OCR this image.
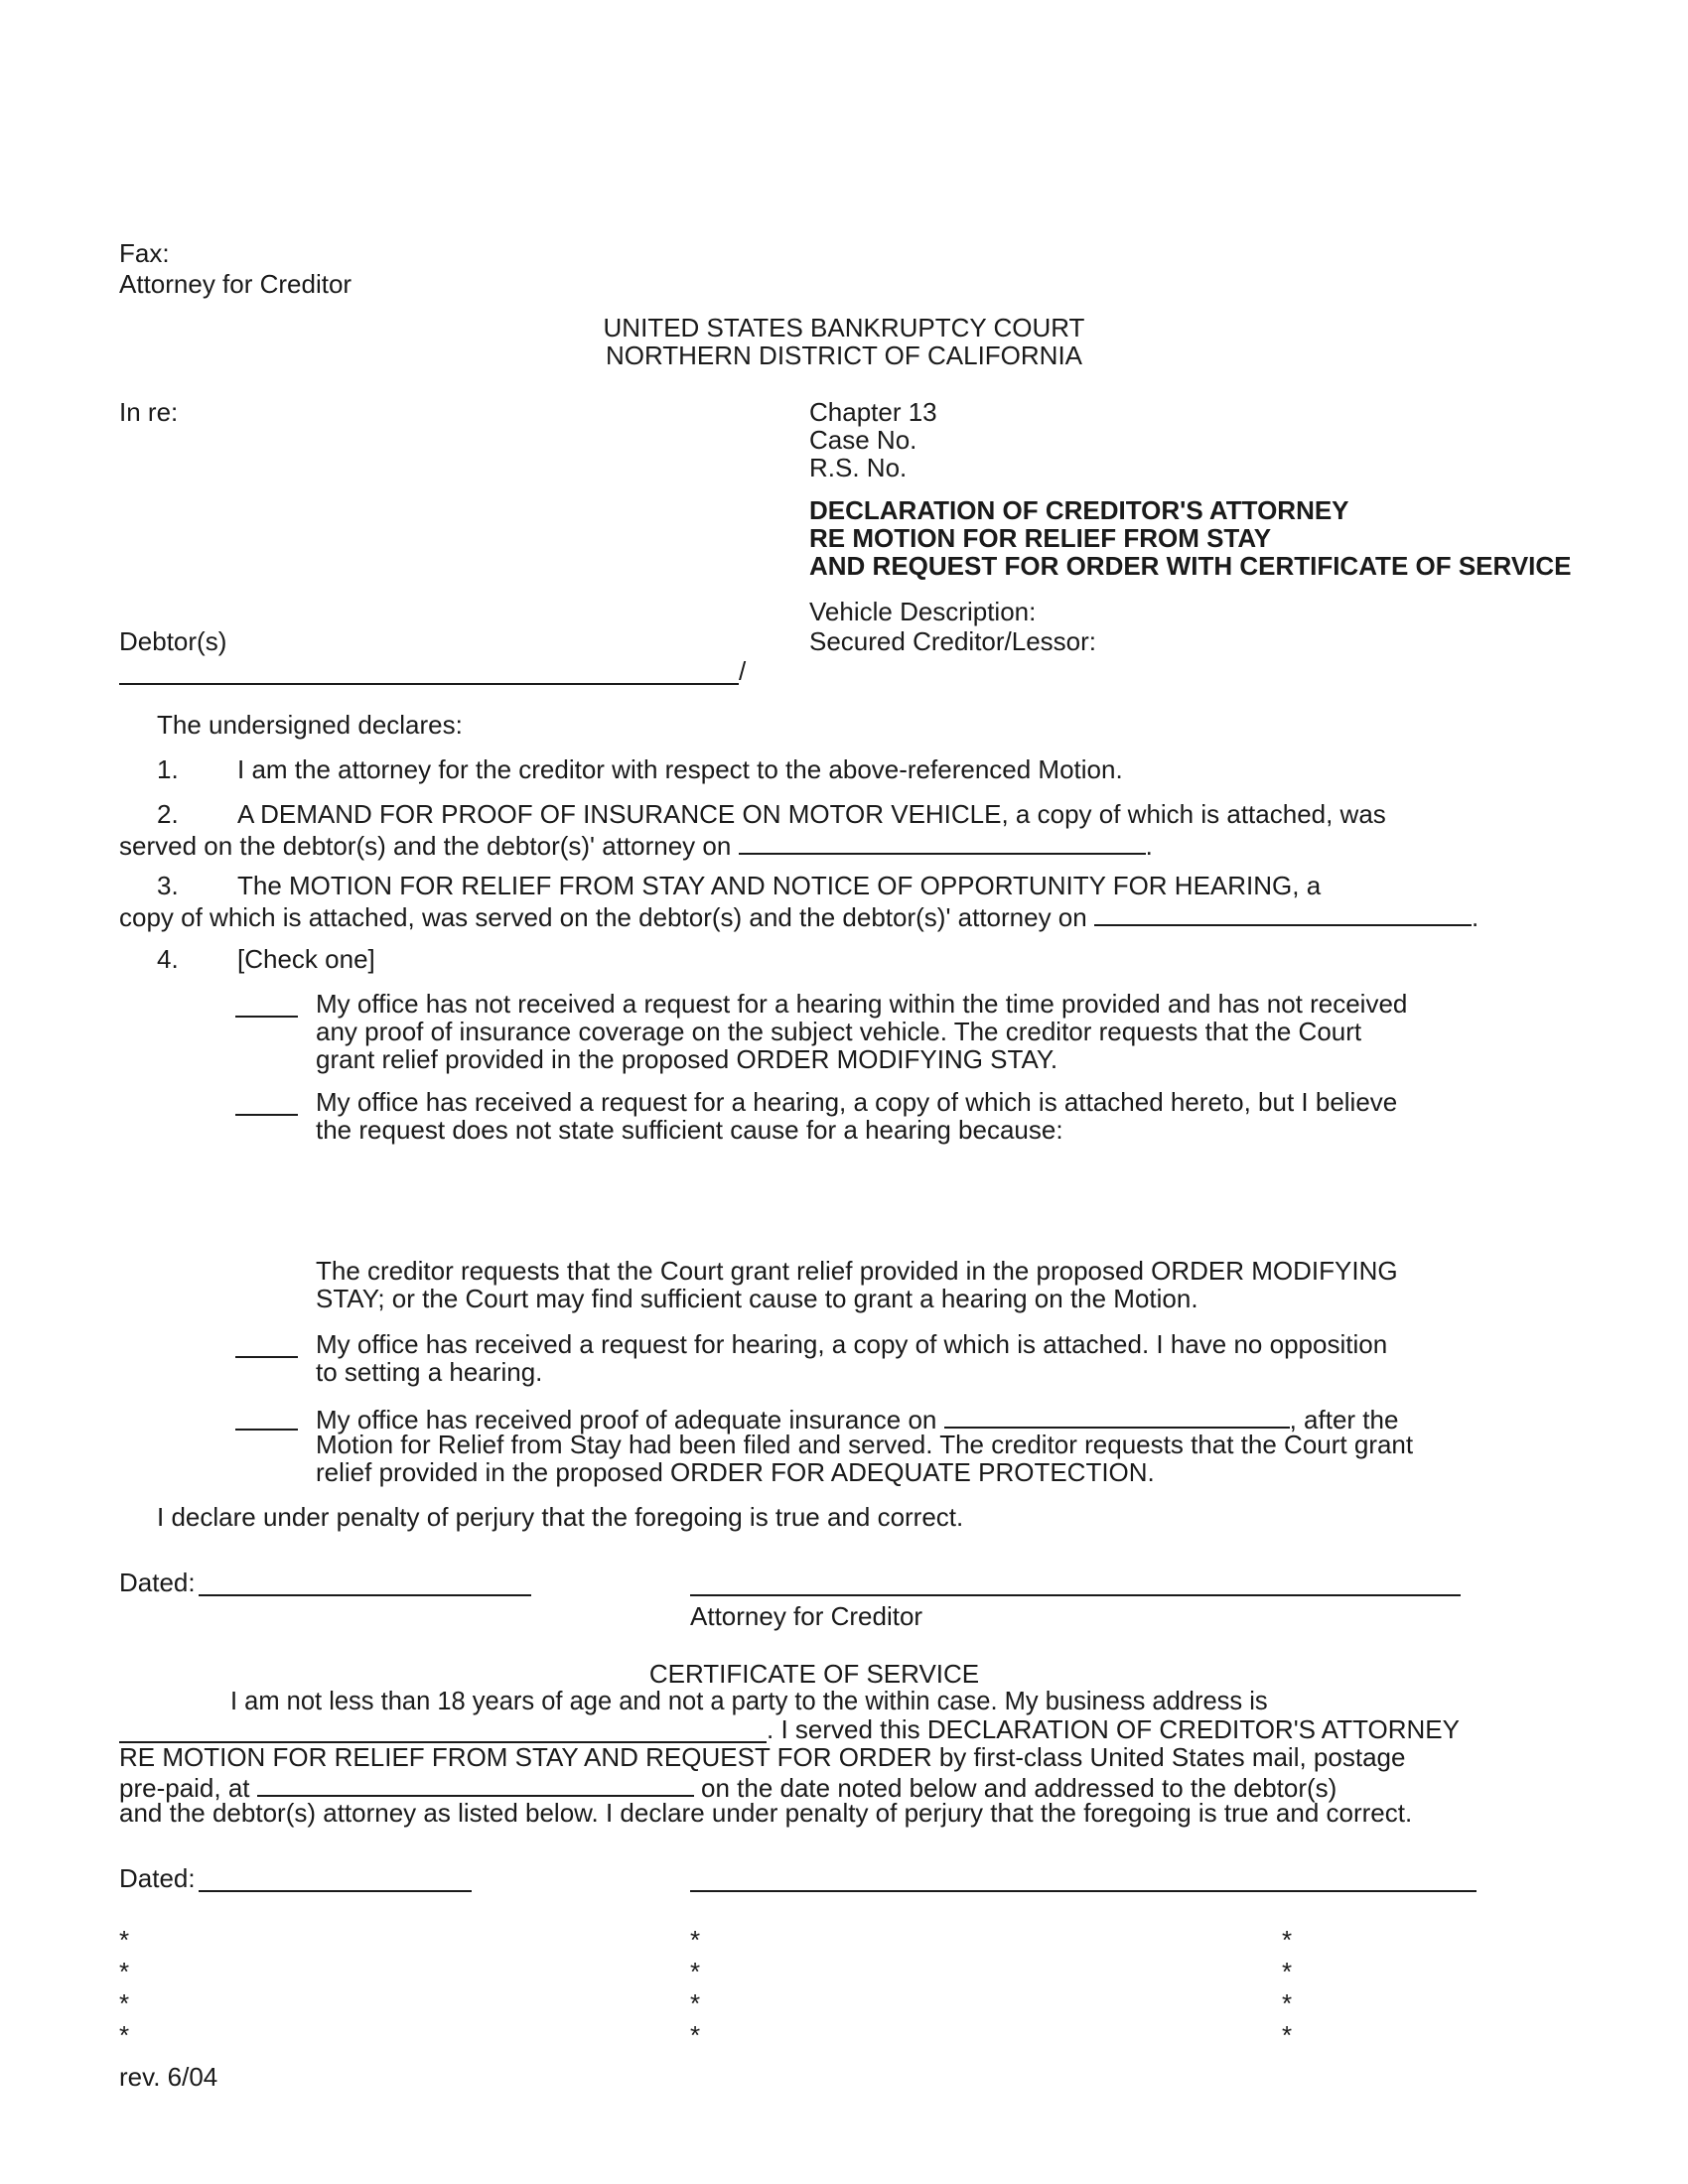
Fax:
Attorney for Creditor
UNITED STATES BANKRUPTCY COURT
NORTHERN DISTRICT OF CALIFORNIA
In re:
Debtor(s)
/
Chapter 13
Case No.
R.S. No.
DECLARATION OF CREDITOR'S ATTORNEY
RE MOTION FOR RELIEF FROM STAY
AND REQUEST FOR ORDER WITH CERTIFICATE OF SERVICE
Vehicle Description:
Secured Creditor/Lessor:
The undersigned declares:
1. I am the attorney for the creditor with respect to the above-referenced Motion.
2. A DEMAND FOR PROOF OF INSURANCE ON MOTOR VEHICLE, a copy of which is attached, was
served on the debtor(s) and the debtor(s)' attorney on	.
3. The MOTION FOR RELIEF FROM STAY AND NOTICE OF OPPORTUNITY FOR HEARING, a
copy of which is attached, was served on the debtor(s) and the debtor(s)' attorney on	.
4. [Check one]
My office has not received a request for a hearing within the time provided and has not received
any proof of insurance coverage on the subject vehicle. The creditor requests that the Court
grant relief provided in the proposed ORDER MODIFYING STAY.
My office has received a request for a hearing, a copy of which is attached hereto, but I believe
the request does not state sufficient cause for a hearing because:
The creditor requests that the Court grant relief provided in the proposed ORDER MODIFYING
STAY; or the Court may find sufficient cause to grant a hearing on the Motion.
My office has received a request for hearing, a copy of which is attached. I have no opposition
to setting a hearing.
My office has received proof of adequate insurance on	, after the
Motion for Relief from Stay had been filed and served. The creditor requests that the Court grant
relief provided in the proposed ORDER FOR ADEQUATE PROTECTION.
I declare under penalty of perjury that the foregoing is true and correct.
Dated:
Attorney for Creditor
CERTIFICATE OF SERVICE
I am not less than 18 years of age and not a party to the within case. My business address is
. I served this DECLARATION OF CREDITOR'S ATTORNEY
RE MOTION FOR RELIEF FROM STAY AND REQUEST FOR ORDER by first-class United States mail, postage
pre-paid, at	on the date noted below and addressed to the debtor(s)
and the debtor(s) attorney as listed below. I declare under penalty of perjury that the foregoing is true and correct.
Dated:
*
*
*
*
*
*
*
*
*
*
*
*
rev. 6/04
